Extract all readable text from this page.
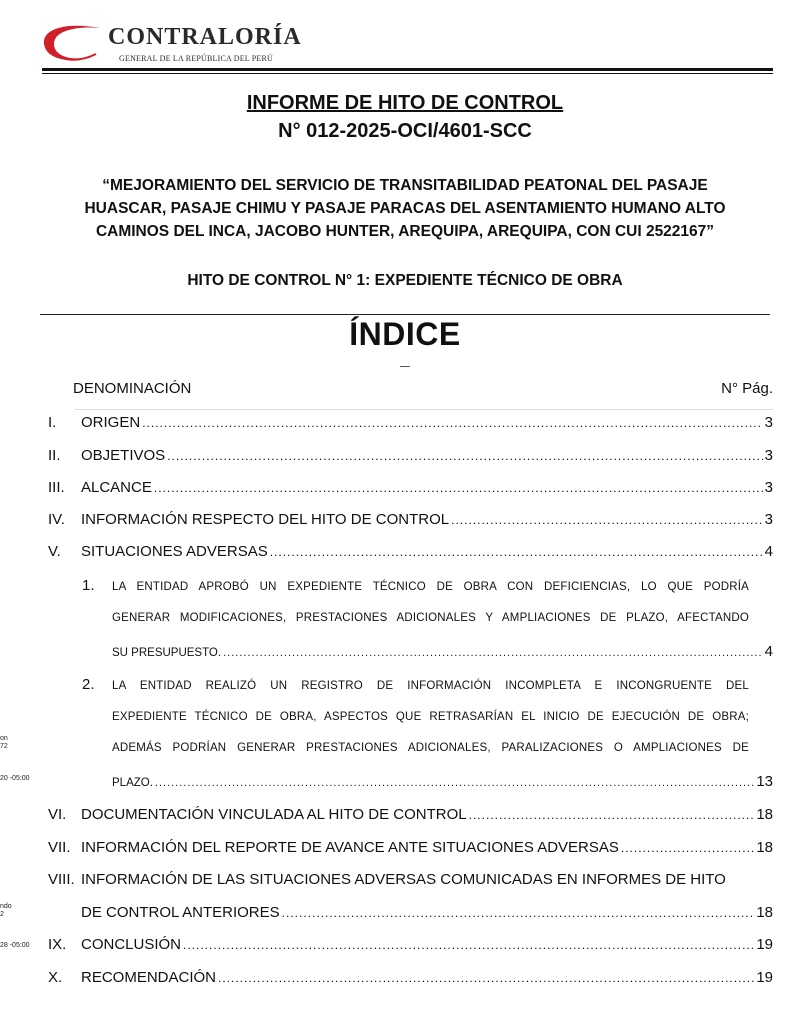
CONTRALORÍA
GENERAL DE LA REPÚBLICA DEL PERÚ
INFORME DE HITO DE CONTROL
N° 012-2025-OCI/4601-SCC
“MEJORAMIENTO DEL SERVICIO DE TRANSITABILIDAD PEATONAL DEL PASAJE
HUASCAR, PASAJE CHIMU Y PASAJE PARACAS DEL ASENTAMIENTO HUMANO ALTO
CAMINOS DEL INCA, JACOBO HUNTER, AREQUIPA, AREQUIPA, CON CUI 2522167”
HITO DE CONTROL N° 1: EXPEDIENTE TÉCNICO DE OBRA
ÍNDICE
DENOMINACIÓN	N° Pág.
I. ORIGEN .....	3
II. OBJETIVOS .....	3
III. ALCANCE .....	3
IV. INFORMACIÓN RESPECTO DEL HITO DE CONTROL .....	3
V. SITUACIONES ADVERSAS .....	4
1. LA ENTIDAD APROBÓ UN EXPEDIENTE TÉCNICO DE OBRA CON DEFICIENCIAS, LO QUE PODRÍA
GENERAR MODIFICACIONES, PRESTACIONES ADICIONALES Y AMPLIACIONES DE PLAZO, AFECTANDO
SU PRESUPUESTO. .....	4
2. LA ENTIDAD REALIZÓ UN REGISTRO DE INFORMACIÓN INCOMPLETA E INCONGRUENTE DEL
EXPEDIENTE TÉCNICO DE OBRA, ASPECTOS QUE RETRASARÍAN EL INICIO DE EJECUCIÓN DE OBRA;
ADEMÁS PODRÍAN GENERAR PRESTACIONES ADICIONALES, PARALIZACIONES O AMPLIACIONES DE
PLAZO. .....	13
VI. DOCUMENTACIÓN VINCULADA AL HITO DE CONTROL .....	18
VII. INFORMACIÓN DEL REPORTE DE AVANCE ANTE SITUACIONES ADVERSAS .....	18
VIII. INFORMACIÓN DE LAS SITUACIONES ADVERSAS COMUNICADAS EN INFORMES DE HITO
DE CONTROL ANTERIORES .....	18
IX. CONCLUSIÓN .....	19
X. RECOMENDACIÓN .....	19
on
72
20 -05:00
ndo
2
28 -05:00
